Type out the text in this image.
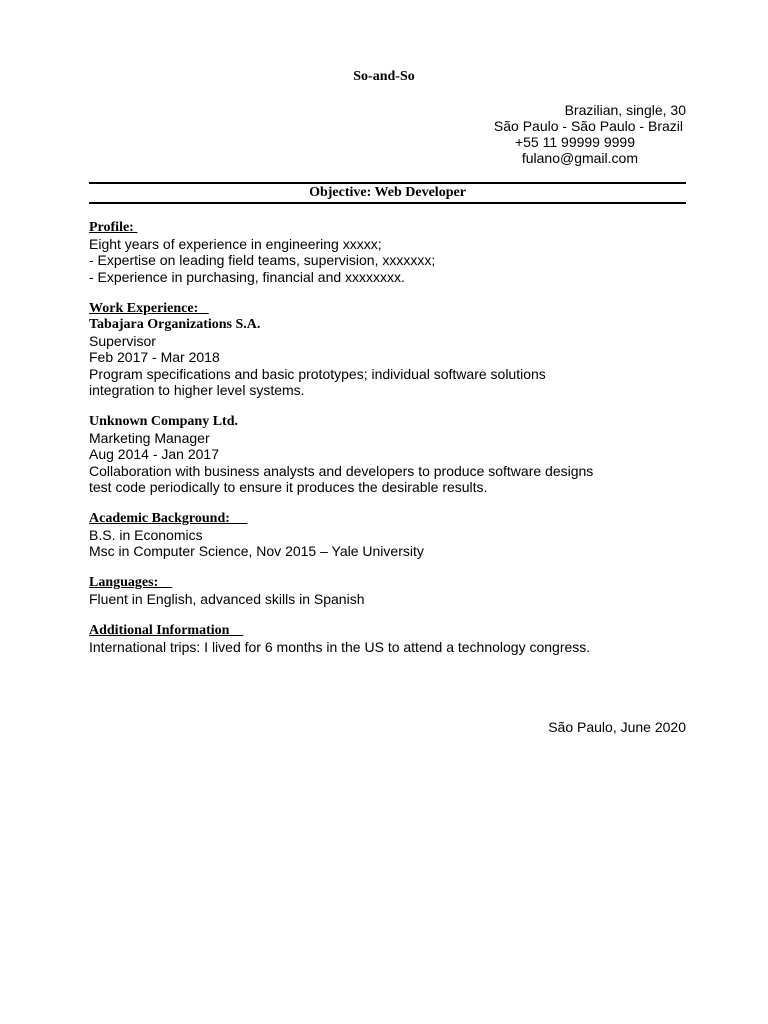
So-and-So
Brazilian, single, 30
São Paulo - São Paulo - Brazil
+55 11 99999 9999
fulano@gmail.com
Objective: Web Developer
Profile:
Eight years of experience in engineering xxxxx;
- Expertise on leading field teams, supervision, xxxxxxx;
- Experience in purchasing, financial and xxxxxxxx.
Work Experience:
Tabajara Organizations S.A.
Supervisor
Feb 2017 - Mar 2018
Program specifications and basic prototypes; individual software solutions
integration to higher level systems.
Unknown Company Ltd.
Marketing Manager
Aug 2014 - Jan 2017
Collaboration with business analysts and developers to produce software designs
test code periodically to ensure it produces the desirable results.
Academic Background:
B.S. in Economics
Msc in Computer Science, Nov 2015 – Yale University
Languages:
Fluent in English, advanced skills in Spanish
Additional Information
International trips: I lived for 6 months in the US to attend a technology congress.
São Paulo, June 2020
